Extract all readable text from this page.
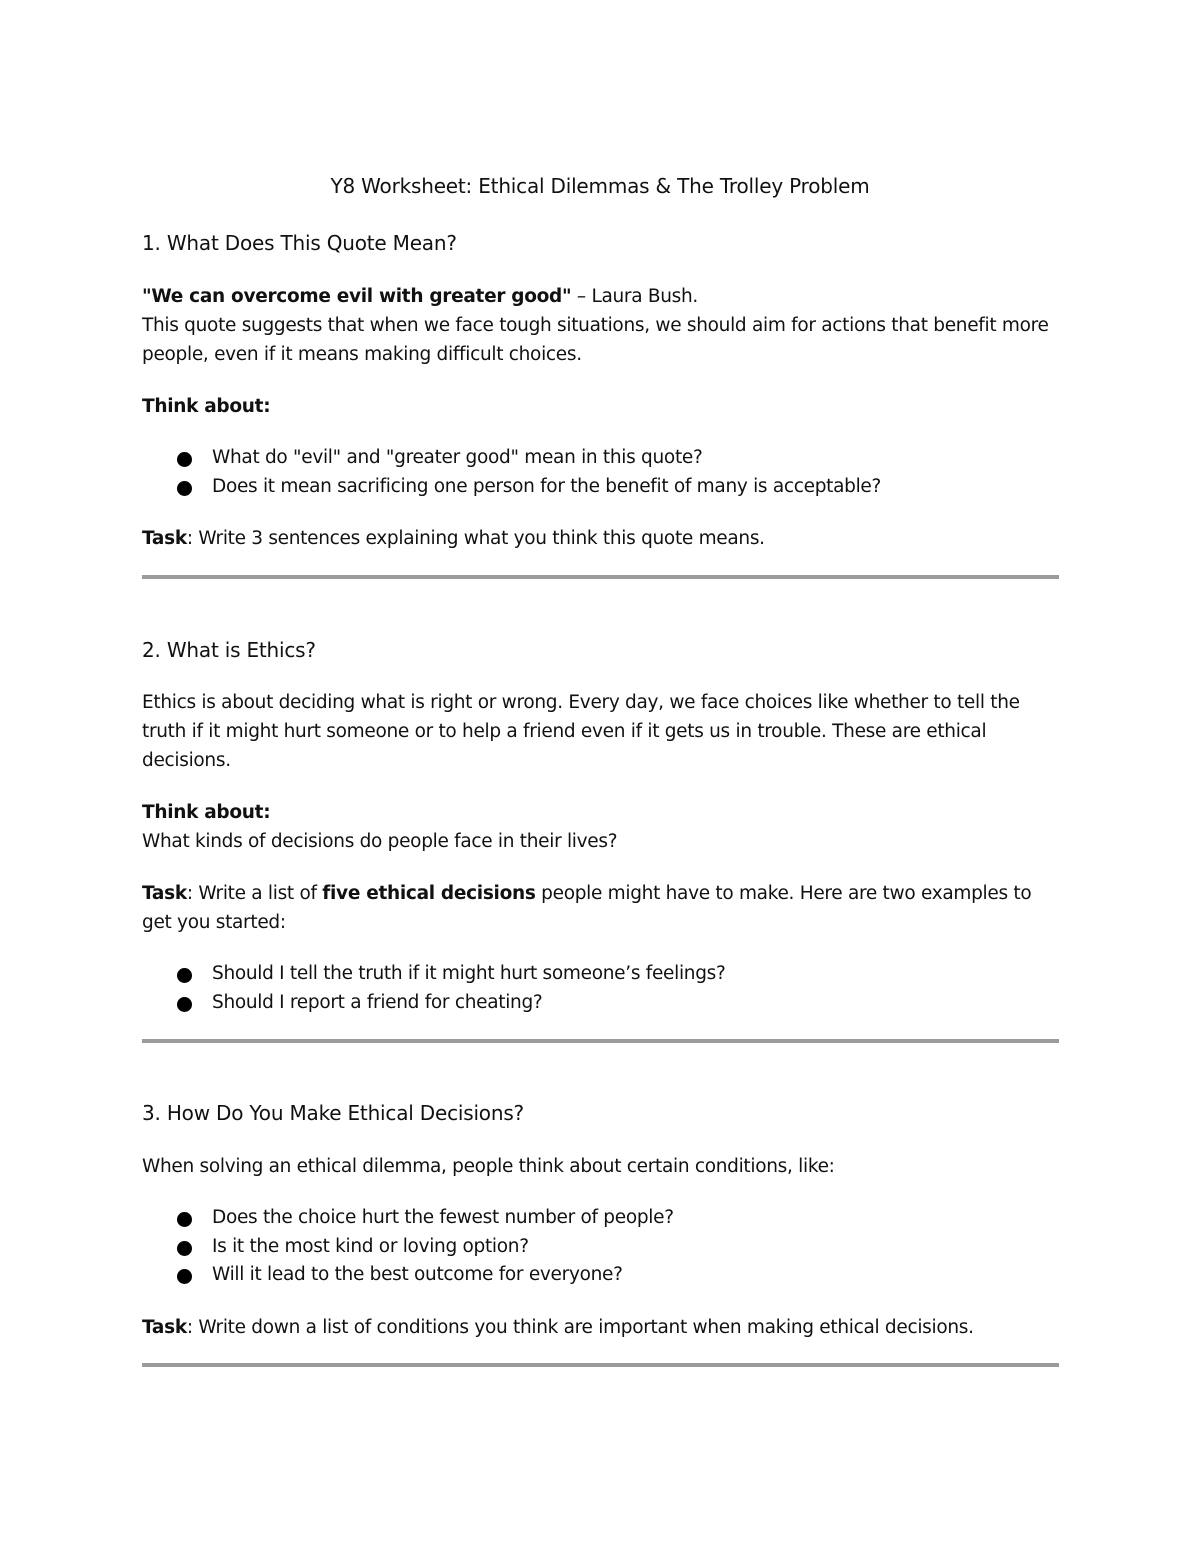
Y8 Worksheet: Ethical Dilemmas & The Trolley Problem
1. What Does This Quote Mean?

"We can overcome evil with greater good" – Laura Bush.

This quote suggests that when we face tough situations, we should aim for actions that benefit more people, even if it means making difficult choices.

Think about:

What do "evil" and "greater good" mean in this quote?
Does it mean sacrificing one person for the benefit of many is acceptable?

Task: Write 3 sentences explaining what you think this quote means.

2. What is Ethics?

Ethics is about deciding what is right or wrong. Every day, we face choices like whether to tell the truth if it might hurt someone or to help a friend even if it gets us in trouble. These are ethical decisions.

Think about:

What kinds of decisions do people face in their lives?

Task: Write a list of five ethical decisions people might have to make. Here are two examples to get you started:

Should I tell the truth if it might hurt someone’s feelings?
Should I report a friend for cheating?
3. How Do You Make Ethical Decisions?

When solving an ethical dilemma, people think about certain conditions, like:

Does the choice hurt the fewest number of people?
Is it the most kind or loving option?
Will it lead to the best outcome for everyone?

Task: Write down a list of conditions you think are important when making ethical decisions.
